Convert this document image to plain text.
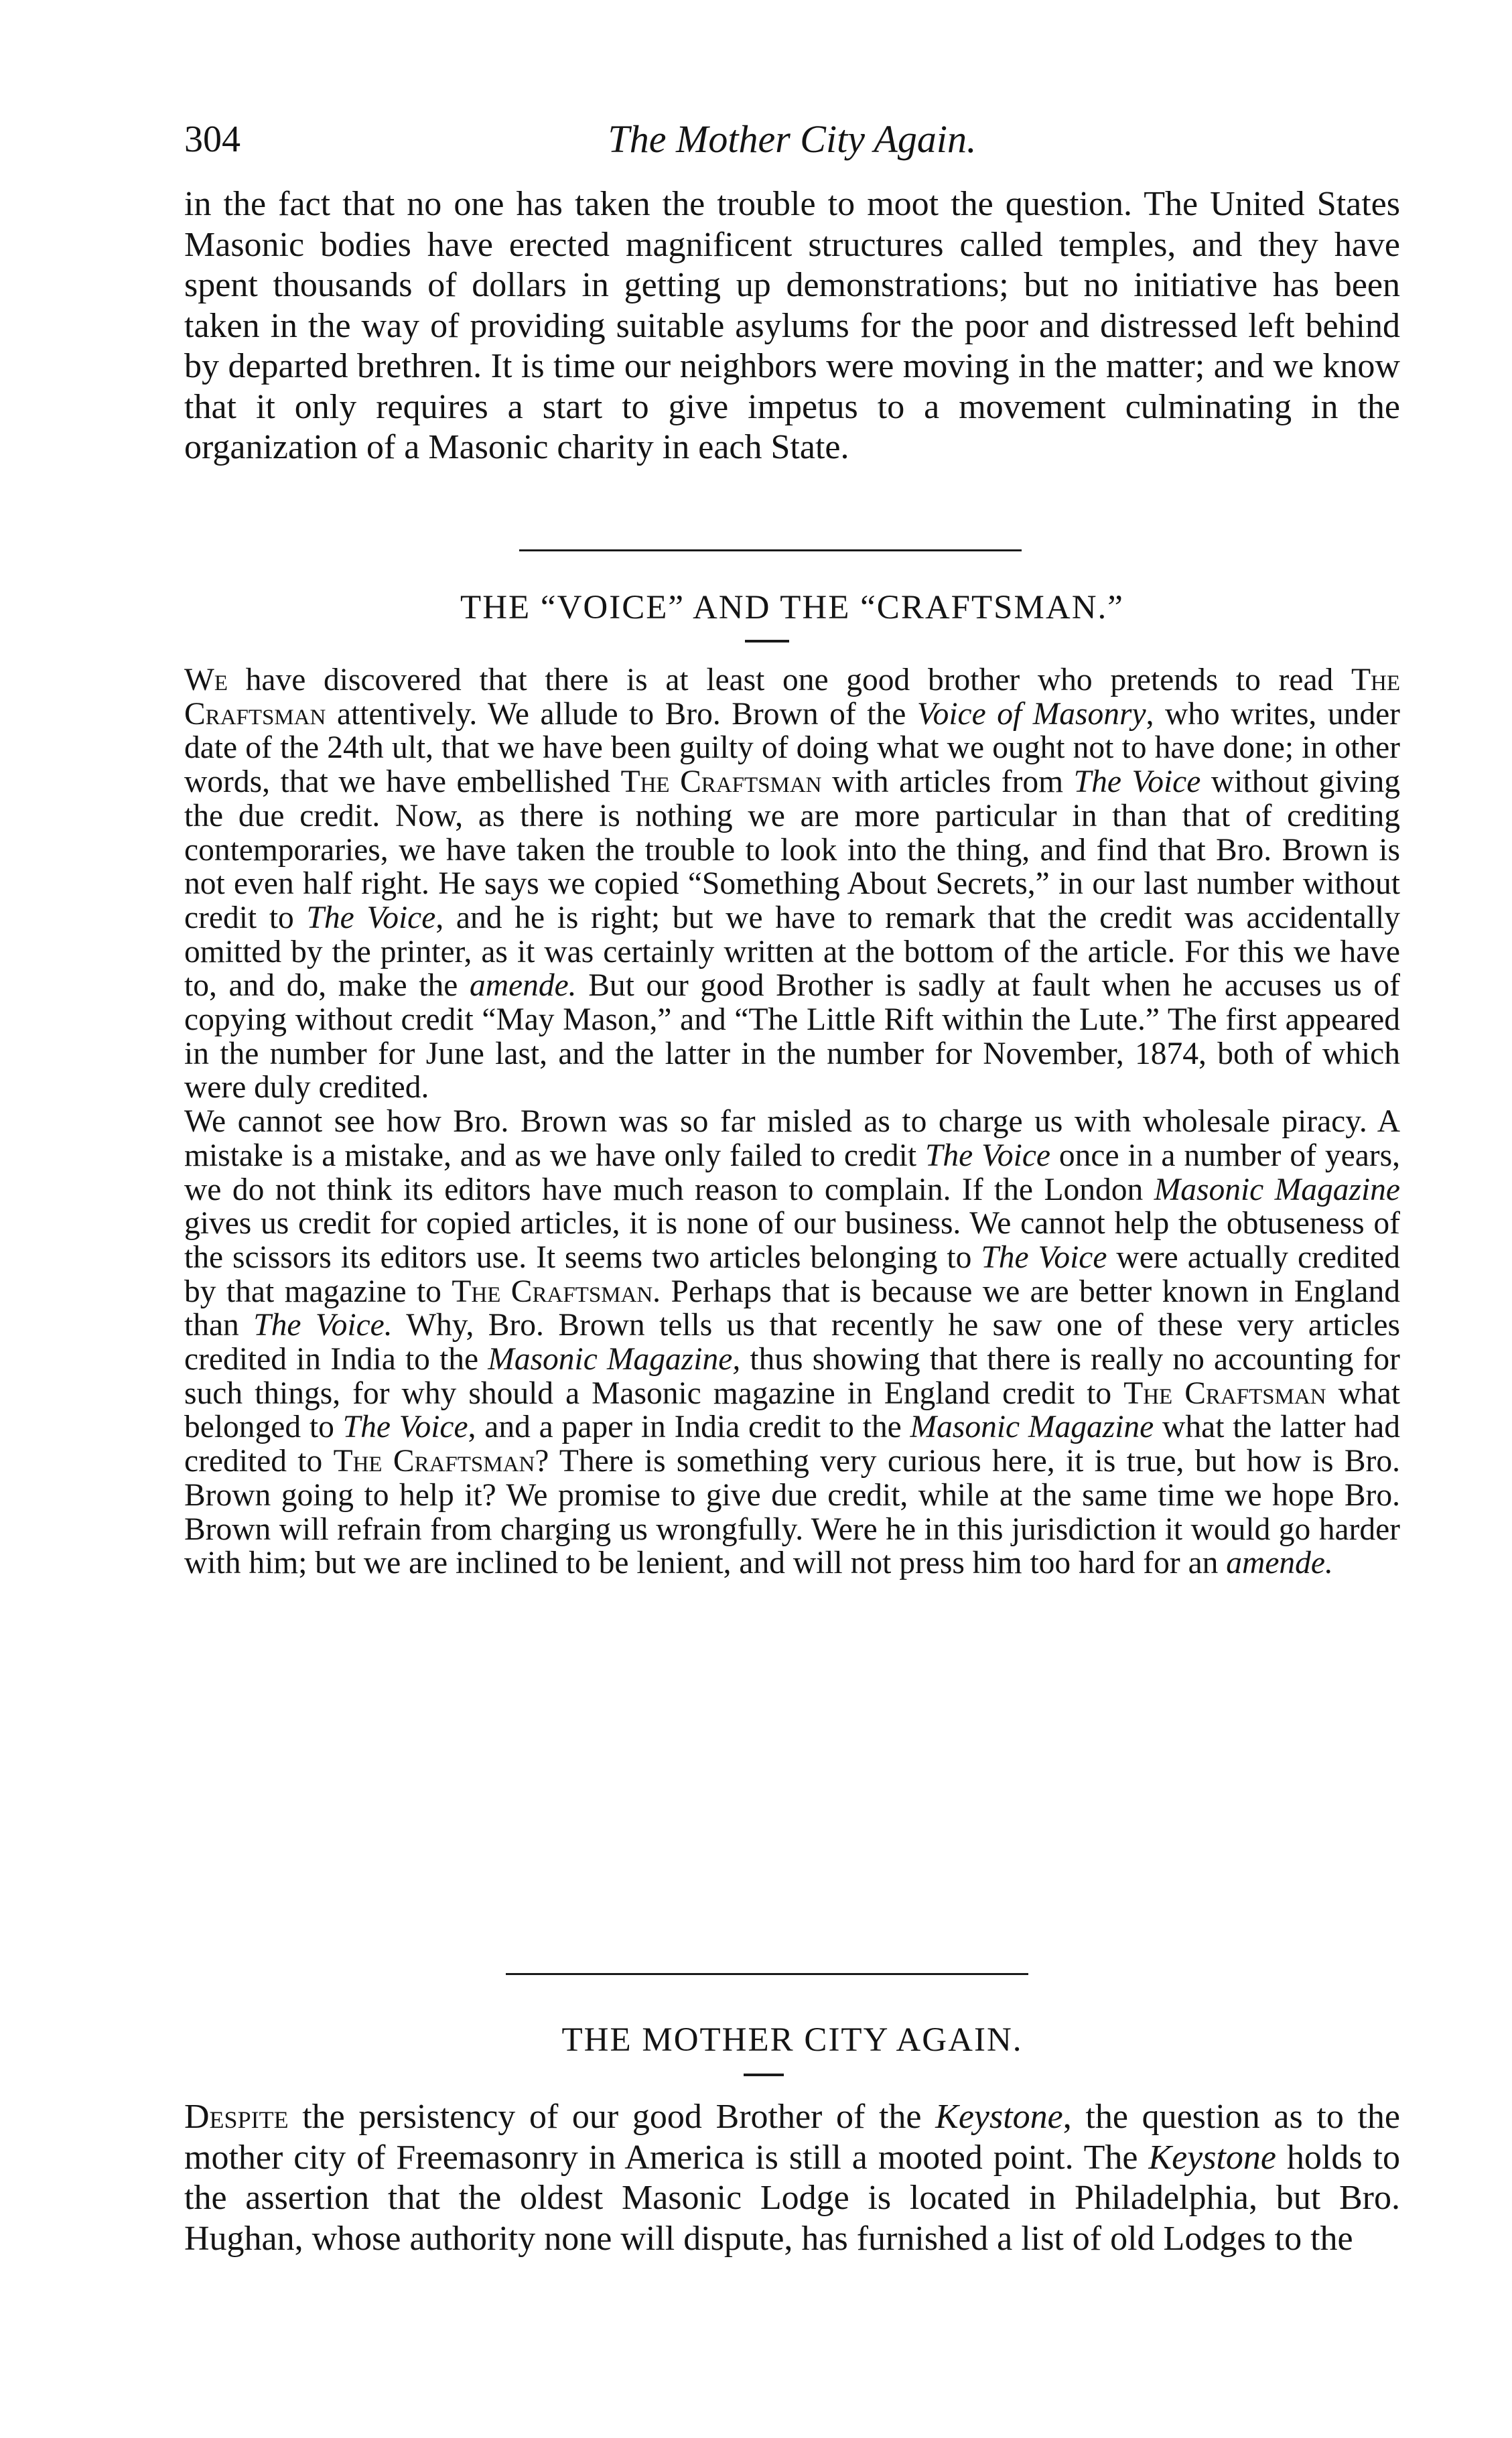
304	The Mother City Again.

in the fact that no one has taken the trouble to moot the question. The United States Masonic bodies have erected magnificent structures called temples, and they have spent thousands of dollars in getting up demonstrations; but no initiative has been taken in the way of providing suitable asylums for the poor and distressed left behind by departed brethren. It is time our neighbors were moving in the matter; and we know that it only requires a start to give impetus to a movement culminating in the organization of a Masonic charity in each State.

THE “VOICE” AND THE “CRAFTSMAN.”

We have discovered that there is at least one good brother who pretends to read The Craftsman attentively. We allude to Bro. Brown of the Voice of Masonry, who writes, under date of the 24th ult, that we have been guilty of doing what we ought not to have done; in other words, that we have embellished The Craftsman with articles from The Voice without giving the due credit. Now, as there is nothing we are more particular in than that of crediting contemporaries, we have taken the trouble to look into the thing, and find that Bro. Brown is not even half right. He says we copied “Something About Secrets,” in our last number without credit to The Voice, and he is right; but we have to remark that the credit was accidentally omitted by the printer, as it was certainly written at the bottom of the article. For this we have to, and do, make the amende. But our good Brother is sadly at fault when he accuses us of copying without credit “May Mason,” and “The Little Rift within the Lute.” The first appeared in the number for June last, and the latter in the number for November, 1874, both of which were duly credited.

We cannot see how Bro. Brown was so far misled as to charge us with wholesale piracy. A mistake is a mistake, and as we have only failed to credit The Voice once in a number of years, we do not think its editors have much reason to complain. If the London Masonic Magazine gives us credit for copied articles, it is none of our business. We cannot help the obtuseness of the scissors its editors use. It seems two articles belonging to The Voice were actually credited by that magazine to The Craftsman. Perhaps that is because we are better known in England than The Voice. Why, Bro. Brown tells us that recently he saw one of these very articles credited in India to the Masonic Magazine, thus showing that there is really no accounting for such things, for why should a Masonic magazine in England credit to The Craftsman what belonged to The Voice, and a paper in India credit to the Masonic Magazine what the latter had credited to The Craftsman? There is something very curious here, it is true, but how is Bro. Brown going to help it? We promise to give due credit, while at the same time we hope Bro. Brown will refrain from charging us wrongfully. Were he in this jurisdiction it would go harder with him; but we are inclined to be lenient, and will not press him too hard for an amende.

THE MOTHER CITY AGAIN.

Despite the persistency of our good Brother of the Keystone, the question as to the mother city of Freemasonry in America is still a mooted point. The Keystone holds to the assertion that the oldest Masonic Lodge is located in Philadelphia, but Bro. Hughan, whose authority none will dispute, has furnished a list of old Lodges to the
